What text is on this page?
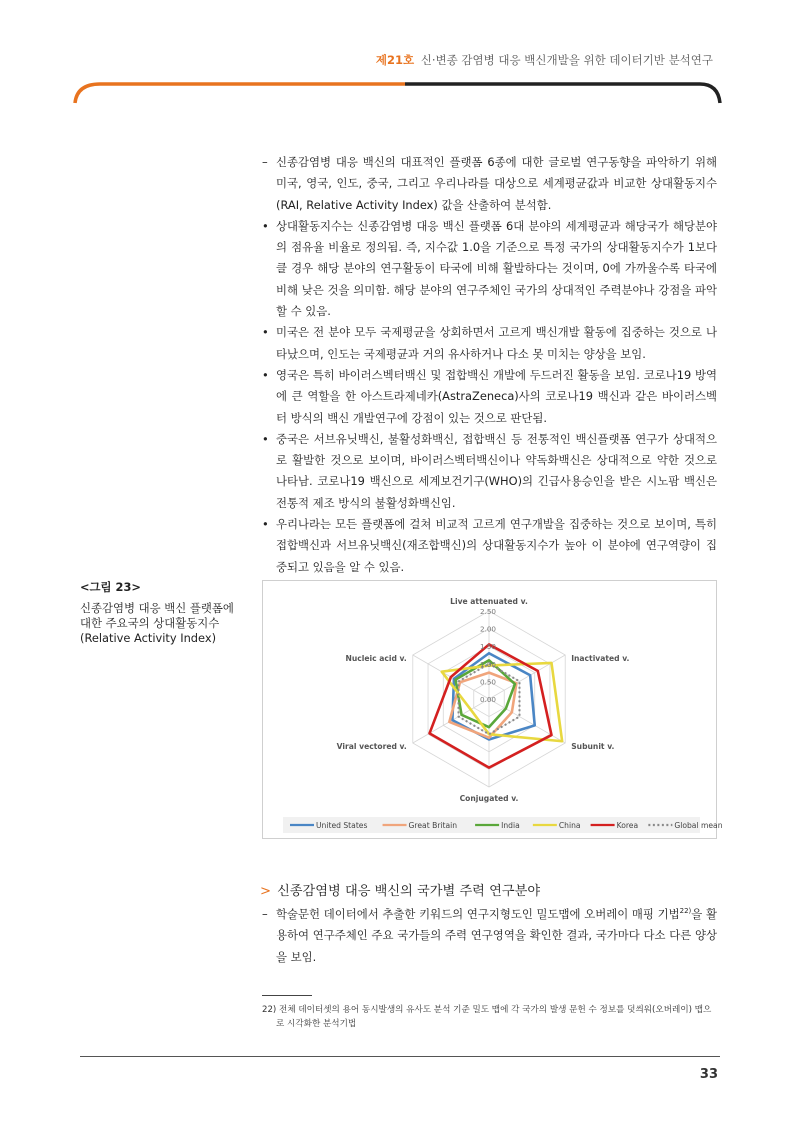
제21호 신·변종 감염병 대응 백신개발을 위한 데이터기반 분석연구
– 신종감염병 대응 백신의 대표적인 플랫폼 6종에 대한 글로벌 연구동향을 파악하기 위해 미국, 영국, 인도, 중국, 그리고 우리나라를 대상으로 세계평균값과 비교한 상대활동지수(RAI, Relative Activity Index) 값을 산출하여 분석함.
• 상대활동지수는 신종감염병 대응 백신 플랫폼 6대 분야의 세계평균과 해당국가 해당분야의 점유율 비율로 정의됨. 즉, 지수값 1.0을 기준으로 특정 국가의 상대활동지수가 1보다 클 경우 해당 분야의 연구활동이 타국에 비해 활발하다는 것이며, 0에 가까울수록 타국에 비해 낮은 것을 의미함. 해당 분야의 연구주체인 국가의 상대적인 주력분야나 강점을 파악할 수 있음.
• 미국은 전 분야 모두 국제평균을 상회하면서 고르게 백신개발 활동에 집중하는 것으로 나타났으며, 인도는 국제평균과 거의 유사하거나 다소 못 미치는 양상을 보임.
• 영국은 특히 바이러스벡터백신 및 접합백신 개발에 두드러진 활동을 보임. 코로나19 방역에 큰 역할을 한 아스트라제네카(AstraZeneca)사의 코로나19 백신과 같은 바이러스벡터 방식의 백신 개발연구에 강점이 있는 것으로 판단됨.
• 중국은 서브유닛백신, 불활성화백신, 접합백신 등 전통적인 백신플랫폼 연구가 상대적으로 활발한 것으로 보이며, 바이러스벡터백신이나 약독화백신은 상대적으로 약한 것으로 나타남. 코로나19 백신으로 세계보건기구(WHO)의 긴급사용승인을 받은 시노팜 백신은 전통적 제조 방식의 불활성화백신임.
• 우리나라는 모든 플랫폼에 걸쳐 비교적 고르게 연구개발을 집중하는 것으로 보이며, 특히 접합백신과 서브유닛백신(재조합백신)의 상대활동지수가 높아 이 분야에 연구역량이 집중되고 있음을 알 수 있음.
<그림 23>
신종감염병 대응 백신 플랫폼에 대한 주요국의 상대활동지수 (Relative Activity Index)
0.00
0.50
1.00
1.50
2.00
2.50
Live attenuated v.
Inactivated v.
Subunit v.
Conjugated v.
Viral vectored v.
Nucleic acid v.
United States	Great Britain	India	China	Korea	Global mean
> 신종감염병 대응 백신의 국가별 주력 연구분야
– 학술문헌 데이터에서 추출한 키워드의 연구지형도인 밀도맵에 오버레이 매핑 기법$^{22)}$을 활용하여 연구주체인 주요 국가들의 주력 연구영역을 확인한 결과, 국가마다 다소 다른 양상을 보임.
22) 전체 데이터셋의 용어 동시발생의 유사도 분석 기준 밀도 맵에 각 국가의 발생 문헌 수 정보를 덧씌워(오버레이) 맵으로 시각화한 분석기법
33
